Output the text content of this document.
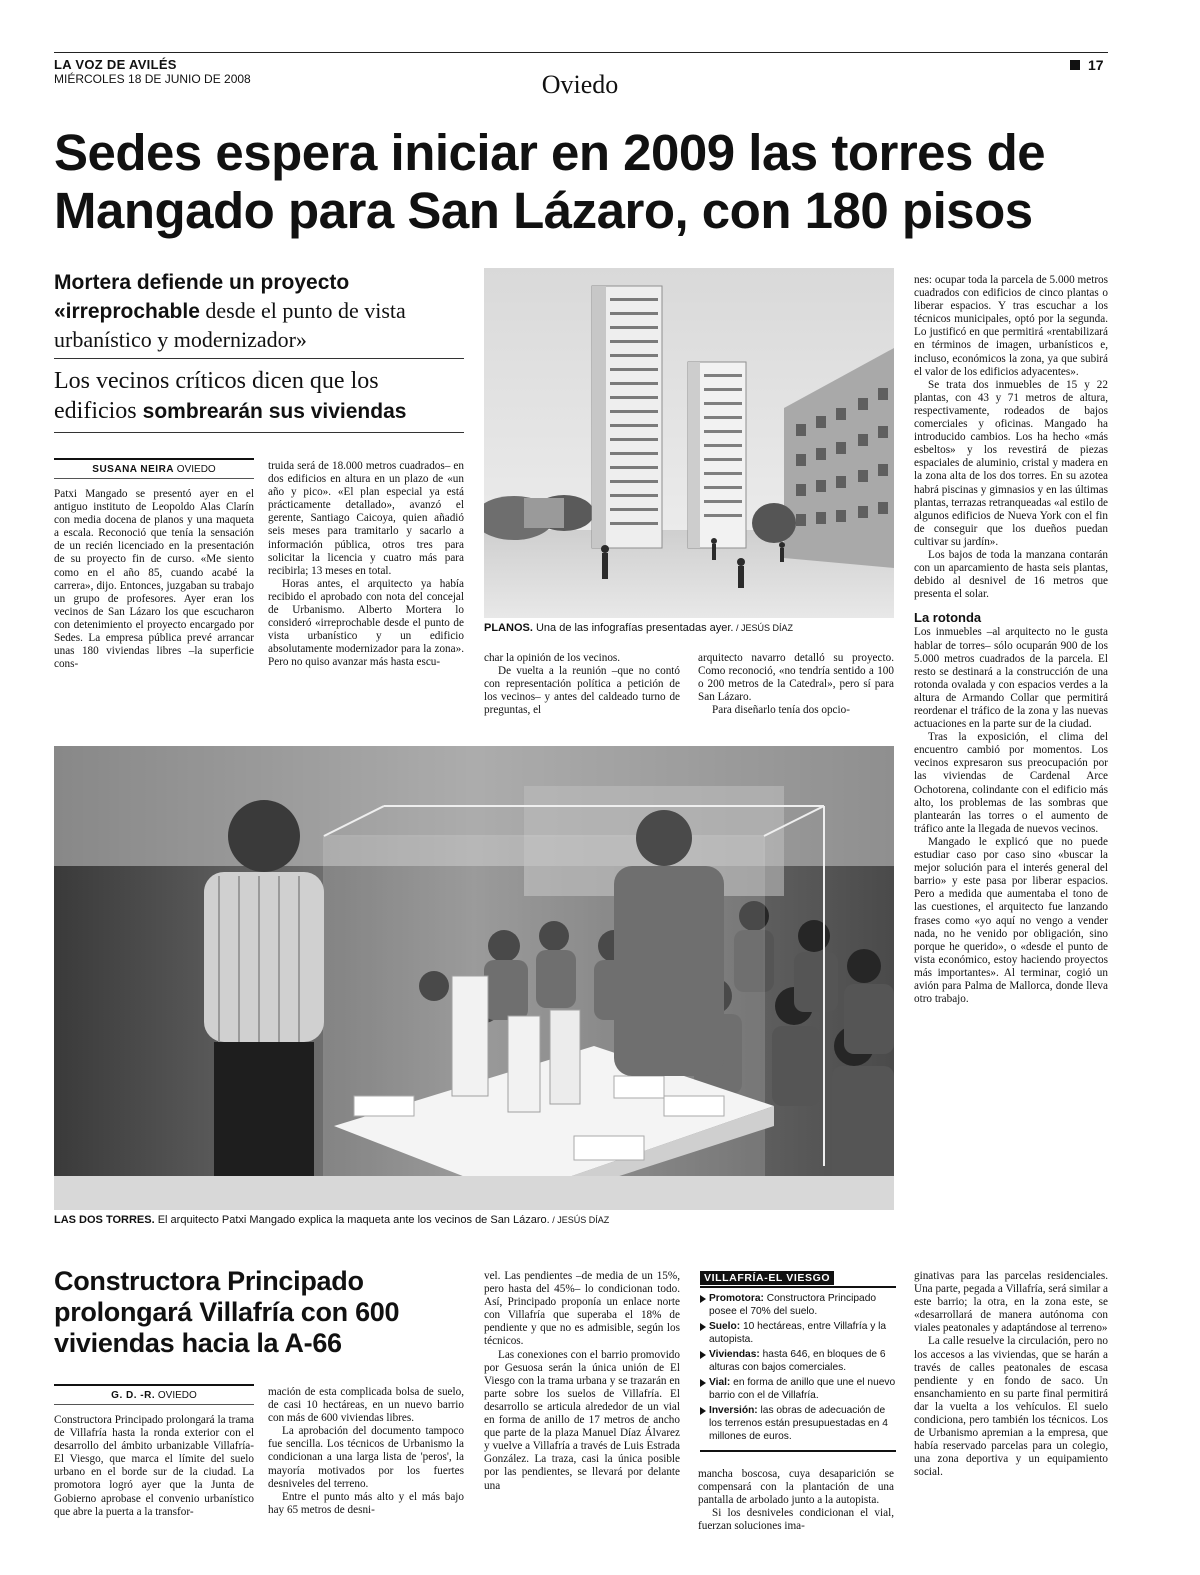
LA VOZ DE AVILÉS
MIÉRCOLES 18 DE JUNIO DE 2008	Oviedo
17
Sedes espera iniciar en 2009 las torres de Mangado para San Lázaro, con 180 pisos
Mortera defiende un proyecto
«irreprochable desde el punto de vista urbanístico y modernizador»
Los vecinos críticos dicen que los edificios sombrearán sus viviendas
SUSANA NEIRA OVIEDO

Patxi Mangado se presentó ayer en el antiguo instituto de Leopoldo Alas Clarín con media docena de planos y una maqueta a escala. Reconoció que tenía la sensación de un recién licenciado en la presentación de su proyecto fin de curso. «Me siento como en el año 85, cuando acabé la carrera», dijo. Entonces, juzgaban su trabajo un grupo de profesores. Ayer eran los vecinos de San Lázaro los que escucharon con detenimiento el proyecto encargado por Sedes. La empresa pública prevé arrancar unas 180 viviendas libres –la superficie cons-

truida será de 18.000 metros cuadrados– en dos edificios en altura en un plazo de «un año y pico». «El plan especial ya está prácticamente detallado», avanzó el gerente, Santiago Caicoya, quien añadió seis meses para tramitarlo y sacarlo a información pública, otros tres para solicitar la licencia y cuatro más para recibirla; 13 meses en total.

Horas antes, el arquitecto ya había recibido el aprobado con nota del concejal de Urbanismo. Alberto Mortera lo consideró «irreprochable desde el punto de vista urbanístico y un edificio absolutamente modernizador para la zona». Pero no quiso avanzar más hasta escu-

PLANOS. Una de las infografías presentadas ayer. / JESÚS DÍAZ

char la opinión de los vecinos.

De vuelta a la reunión –que no contó con representación política a petición de los vecinos– y antes del caldeado turno de preguntas, el

arquitecto navarro detalló su proyecto. Como reconoció, «no tendría sentido a 100 o 200 metros de la Catedral», pero sí para San Lázaro.

Para diseñarlo tenía dos opcio-

nes: ocupar toda la parcela de 5.000 metros cuadrados con edificios de cinco plantas o liberar espacios. Y tras escuchar a los técnicos municipales, optó por la segunda. Lo justificó en que permitirá «rentabilizará en términos de imagen, urbanísticos e, incluso, económicos la zona, ya que subirá el valor de los edificios adyacentes».

Se trata dos inmuebles de 15 y 22 plantas, con 43 y 71 metros de altura, respectivamente, rodeados de bajos comerciales y oficinas. Mangado ha introducido cambios. Los ha hecho «más esbeltos» y los revestirá de piezas espaciales de aluminio, cristal y madera en la zona alta de los dos torres. En su azotea habrá piscinas y gimnasios y en las últimas plantas, terrazas retranqueadas «al estilo de algunos edificios de Nueva York con el fin de conseguir que los dueños puedan cultivar su jardín».

Los bajos de toda la manzana contarán con un aparcamiento de hasta seis plantas, debido al desnivel de 16 metros que presenta el solar.

La rotonda

Los inmuebles –al arquitecto no le gusta hablar de torres– sólo ocuparán 900 de los 5.000 metros cuadrados de la parcela. El resto se destinará a la construcción de una rotonda ovalada y con espacios verdes a la altura de Armando Collar que permitirá reordenar el tráfico de la zona y las nuevas actuaciones en la parte sur de la ciudad.

Tras la exposición, el clima del encuentro cambió por momentos. Los vecinos expresaron sus preocupación por las viviendas de Cardenal Arce Ochotorena, colindante con el edificio más alto, los problemas de las sombras que plantearán las torres o el aumento de tráfico ante la llegada de nuevos vecinos.

Mangado le explicó que no puede estudiar caso por caso sino «buscar la mejor solución para el interés general del barrio» y este pasa por liberar espacios. Pero a medida que aumentaba el tono de las cuestiones, el arquitecto fue lanzando frases como «yo aquí no vengo a vender nada, no he venido por obligación, sino porque he querido», o «desde el punto de vista económico, estoy haciendo proyectos más importantes». Al terminar, cogió un avión para Palma de Mallorca, donde lleva otro trabajo.

LAS DOS TORRES. El arquitecto Patxi Mangado explica la maqueta ante los vecinos de San Lázaro. / JESÚS DÍAZ
Constructora Principado prolongará Villafría con 600 viviendas hacia la A-66
G. D. -R. OVIEDO

Constructora Principado prolongará la trama de Villafría hasta la ronda exterior con el desarrollo del ámbito urbanizable Villafría-El Viesgo, que marca el límite del suelo urbano en el borde sur de la ciudad. La promotora logró ayer que la Junta de Gobierno aprobase el convenio urbanístico que abre la puerta a la transfor-

mación de esta complicada bolsa de suelo, de casi 10 hectáreas, en un nuevo barrio con más de 600 viviendas libres.

La aprobación del documento tampoco fue sencilla. Los técnicos de Urbanismo la condicionan a una larga lista de 'peros', la mayoría motivados por los fuertes desniveles del terreno.

Entre el punto más alto y el más bajo hay 65 metros de desni-

vel. Las pendientes –de media de un 15%, pero hasta del 45%– lo condicionan todo. Así, Principado proponía un enlace norte con Villafría que superaba el 18% de pendiente y que no es admisible, según los técnicos.

Las conexiones con el barrio promovido por Gesuosa serán la única unión de El Viesgo con la trama urbana y se trazarán en parte sobre los suelos de Villafría. El desarrollo se articula alrededor de un vial en forma de anillo de 17 metros de ancho que parte de la plaza Manuel Díaz Álvarez y vuelve a Villafría a través de Luis Estrada González. La traza, casi la única posible por las pendientes, se llevará por delante una

VILLAFRÍA-EL VIESGO
Promotora: Constructora Principado posee el 70% del suelo.
Suelo: 10 hectáreas, entre Villafría y la autopista.
Viviendas: hasta 646, en bloques de 6 alturas con bajos comerciales.
Vial: en forma de anillo que une el nuevo barrio con el de Villafría.
Inversión: las obras de adecuación de los terrenos están presupuestadas en 4 millones de euros.

mancha boscosa, cuya desaparición se compensará con la plantación de una pantalla de arbolado junto a la autopista.

Si los desniveles condicionan el vial, fuerzan soluciones ima-

ginativas para las parcelas residenciales. Una parte, pegada a Villafría, será similar a este barrio; la otra, en la zona este, se «desarrollará de manera autónoma con viales peatonales y adaptándose al terreno»

La calle resuelve la circulación, pero no los accesos a las viviendas, que se harán a través de calles peatonales de escasa pendiente y en fondo de saco. Un ensanchamiento en su parte final permitirá dar la vuelta a los vehículos. El suelo condiciona, pero también los técnicos. Los de Urbanismo apremian a la empresa, que había reservado parcelas para un colegio, una zona deportiva y un equipamiento social.
